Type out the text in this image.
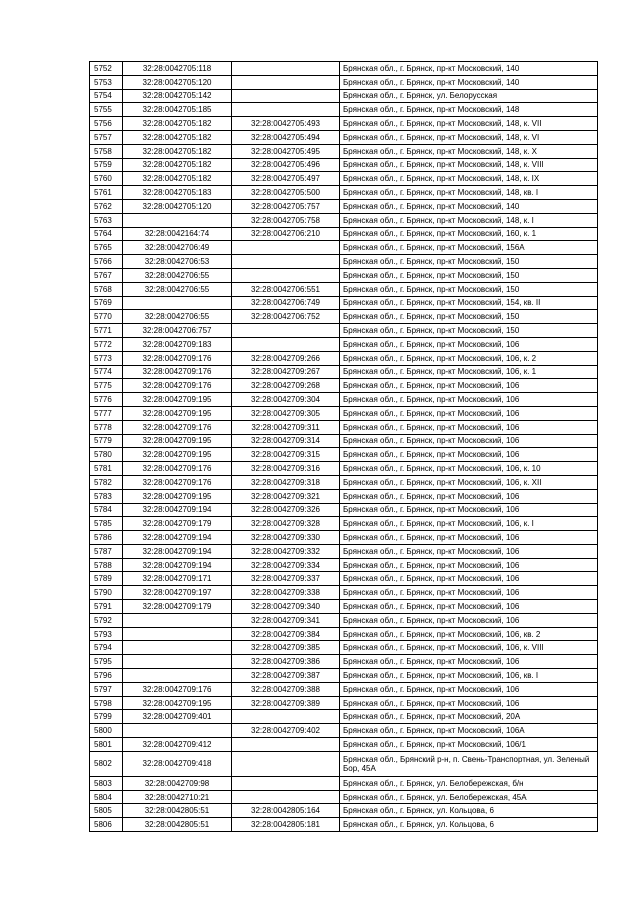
5752	32:28:0042705:118		Брянская обл., г. Брянск, пр-кт Московский, 140
5753	32:28:0042705:120		Брянская обл., г. Брянск, пр-кт Московский, 140
5754	32:28:0042705:142		Брянская обл., г. Брянск, ул. Белорусская
5755	32:28:0042705:185		Брянская обл., г. Брянск, пр-кт Московский, 148
5756	32:28:0042705:182	32:28:0042705:493	Брянская обл., г. Брянск, пр-кт Московский, 148, к. VII
5757	32:28:0042705:182	32:28:0042705:494	Брянская обл., г. Брянск, пр-кт Московский, 148, к. VI
5758	32:28:0042705:182	32:28:0042705:495	Брянская обл., г. Брянск, пр-кт Московский, 148, к. X
5759	32:28:0042705:182	32:28:0042705:496	Брянская обл., г. Брянск, пр-кт Московский, 148, к. VIII
5760	32:28:0042705:182	32:28:0042705:497	Брянская обл., г. Брянск, пр-кт Московский, 148, к. IX
5761	32:28:0042705:183	32:28:0042705:500	Брянская обл., г. Брянск, пр-кт Московский, 148, кв. I
5762	32:28:0042705:120	32:28:0042705:757	Брянская обл., г. Брянск, пр-кт Московский, 140
5763		32:28:0042705:758	Брянская обл., г. Брянск, пр-кт Московский, 148, к. I
5764	32:28:0042164:74	32:28:0042706:210	Брянская обл., г. Брянск, пр-кт Московский, 160, к. 1
5765	32:28:0042706:49		Брянская обл., г. Брянск, пр-кт Московский, 156А
5766	32:28:0042706:53		Брянская обл., г. Брянск, пр-кт Московский, 150
5767	32:28:0042706:55		Брянская обл., г. Брянск, пр-кт Московский, 150
5768	32:28:0042706:55	32:28:0042706:551	Брянская обл., г. Брянск, пр-кт Московский, 150
5769		32:28:0042706:749	Брянская обл., г. Брянск, пр-кт Московский, 154, кв. II
5770	32:28:0042706:55	32:28:0042706:752	Брянская обл., г. Брянск, пр-кт Московский, 150
5771	32:28:0042706:757		Брянская обл., г. Брянск, пр-кт Московский, 150
5772	32:28:0042709:183		Брянская обл., г. Брянск, пр-кт Московский, 106
5773	32:28:0042709:176	32:28:0042709:266	Брянская обл., г. Брянск, пр-кт Московский, 106, к. 2
5774	32:28:0042709:176	32:28:0042709:267	Брянская обл., г. Брянск, пр-кт Московский, 106, к. 1
5775	32:28:0042709:176	32:28:0042709:268	Брянская обл., г. Брянск, пр-кт Московский, 106
5776	32:28:0042709:195	32:28:0042709:304	Брянская обл., г. Брянск, пр-кт Московский, 106
5777	32:28:0042709:195	32:28:0042709:305	Брянская обл., г. Брянск, пр-кт Московский, 106
5778	32:28:0042709:176	32:28:0042709:311	Брянская обл., г. Брянск, пр-кт Московский, 106
5779	32:28:0042709:195	32:28:0042709:314	Брянская обл., г. Брянск, пр-кт Московский, 106
5780	32:28:0042709:195	32:28:0042709:315	Брянская обл., г. Брянск, пр-кт Московский, 106
5781	32:28:0042709:176	32:28:0042709:316	Брянская обл., г. Брянск, пр-кт Московский, 106, к. 10
5782	32:28:0042709:176	32:28:0042709:318	Брянская обл., г. Брянск, пр-кт Московский, 106, к. XII
5783	32:28:0042709:195	32:28:0042709:321	Брянская обл., г. Брянск, пр-кт Московский, 106
5784	32:28:0042709:194	32:28:0042709:326	Брянская обл., г. Брянск, пр-кт Московский, 106
5785	32:28:0042709:179	32:28:0042709:328	Брянская обл., г. Брянск, пр-кт Московский, 106, к. I
5786	32:28:0042709:194	32:28:0042709:330	Брянская обл., г. Брянск, пр-кт Московский, 106
5787	32:28:0042709:194	32:28:0042709:332	Брянская обл., г. Брянск, пр-кт Московский, 106
5788	32:28:0042709:194	32:28:0042709:334	Брянская обл., г. Брянск, пр-кт Московский, 106
5789	32:28:0042709:171	32:28:0042709:337	Брянская обл., г. Брянск, пр-кт Московский, 106
5790	32:28:0042709:197	32:28:0042709:338	Брянская обл., г. Брянск, пр-кт Московский, 106
5791	32:28:0042709:179	32:28:0042709:340	Брянская обл., г. Брянск, пр-кт Московский, 106
5792		32:28:0042709:341	Брянская обл., г. Брянск, пр-кт Московский, 106
5793		32:28:0042709:384	Брянская обл., г. Брянск, пр-кт Московский, 106, кв. 2
5794		32:28:0042709:385	Брянская обл., г. Брянск, пр-кт Московский, 106, к. VIII
5795		32:28:0042709:386	Брянская обл., г. Брянск, пр-кт Московский, 106
5796		32:28:0042709:387	Брянская обл., г. Брянск, пр-кт Московский, 106, кв. I
5797	32:28:0042709:176	32:28:0042709:388	Брянская обл., г. Брянск, пр-кт Московский, 106
5798	32:28:0042709:195	32:28:0042709:389	Брянская обл., г. Брянск, пр-кт Московский, 106
5799	32:28:0042709:401		Брянская обл., г. Брянск, пр-кт Московский, 20А
5800		32:28:0042709:402	Брянская обл., г. Брянск, пр-кт Московский, 106А
5801	32:28:0042709:412		Брянская обл., г. Брянск, пр-кт Московский, 106/1
5802	32:28:0042709:418		Брянская обл., Брянский р-н, п. Свень-Транспортная, ул. Зеленый Бор, 45А
5803	32:28:0042709:98		Брянская обл., г. Брянск, ул. Белобережская, б/н
5804	32:28:0042710:21		Брянская обл., г. Брянск, ул. Белобережская, 45А
5805	32:28:0042805:51	32:28:0042805:164	Брянская обл., г. Брянск, ул. Кольцова, 6
5806	32:28:0042805:51	32:28:0042805:181	Брянская обл., г. Брянск, ул. Кольцова, 6
